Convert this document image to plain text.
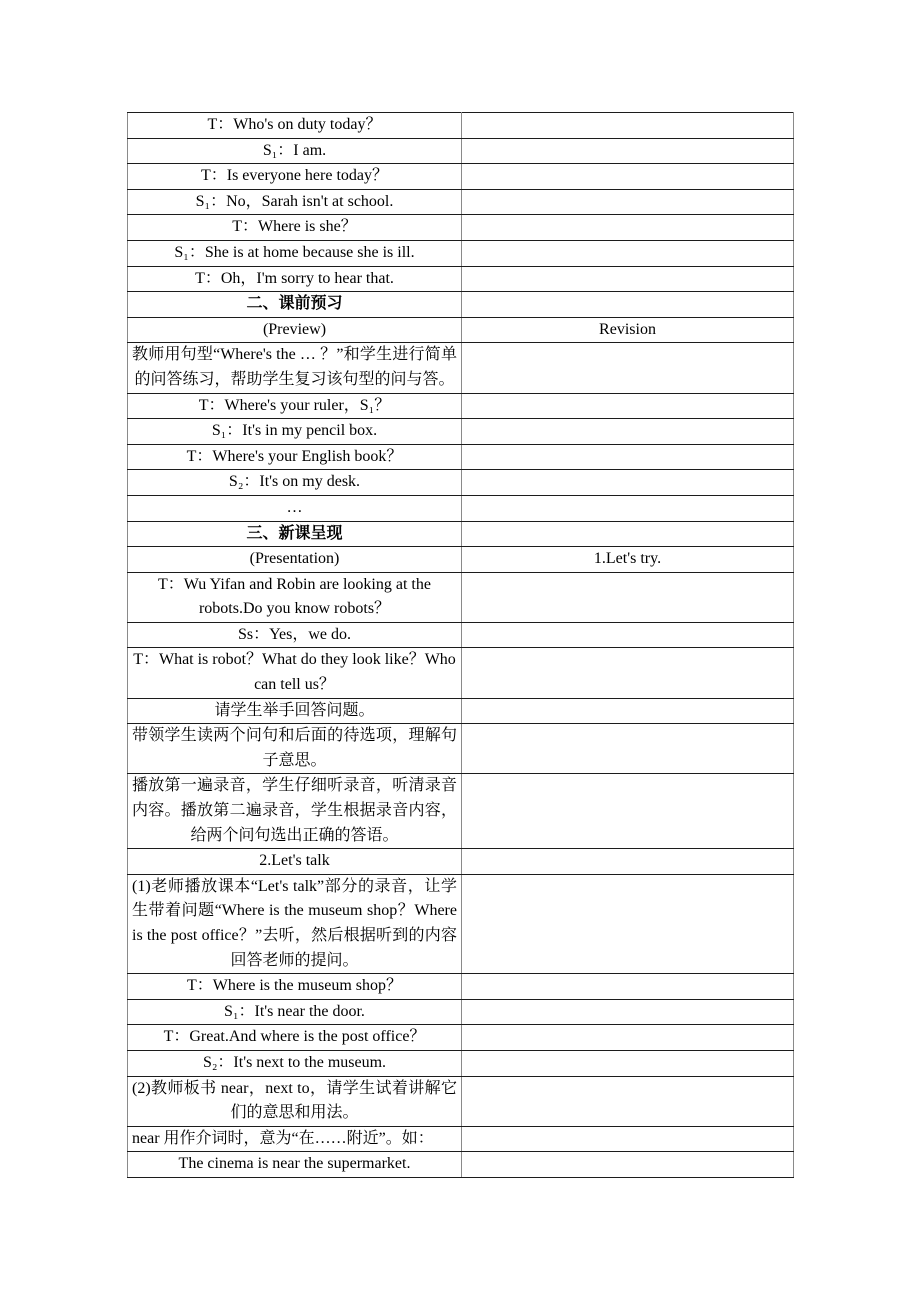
T：Who's on duty today？	
S₁：I am.	
T：Is everyone here today？	
S₁：No，Sarah isn't at school.	
T：Where is she？	
S₁：She is at home because she is ill.	
T：Oh，I'm sorry to hear that.	
二、课前预习	
(Preview)	Revision
教师用句型“Where's the … ？”和学生进行简单的问答练习，帮助学生复习该句型的问与答。	
T：Where's your ruler，S₁？	
S₁：It's in my pencil box.	
T：Where's your English book？	
S₂：It's on my desk.	
…	
三、新课呈现	
(Presentation)	1.Let's try.
T：Wu Yifan and Robin are looking at the robots.Do you know robots？	
Ss：Yes，we do.	
T：What is robot？What do they look like？Who can tell us？	
请学生举手回答问题。	
带领学生读两个问句和后面的待选项，理解句子意思。	
播放第一遍录音，学生仔细听录音，听清录音内容。播放第二遍录音，学生根据录音内容，给两个问句选出正确的答语。	
2.Let's talk	
(1)老师播放课本“Let's talk”部分的录音，让学生带着问题“Where is the museum shop？Where is the post office？”去听，然后根据听到的内容回答老师的提问。	
T：Where is the museum shop？	
S₁：It's near the door.	
T：Great.And where is the post office？	
S₂：It's next to the museum.	
(2)教师板书 near，next to，请学生试着讲解它们的意思和用法。	
near 用作介词时，意为“在……附近”。如：	
The cinema is near the supermarket.	
